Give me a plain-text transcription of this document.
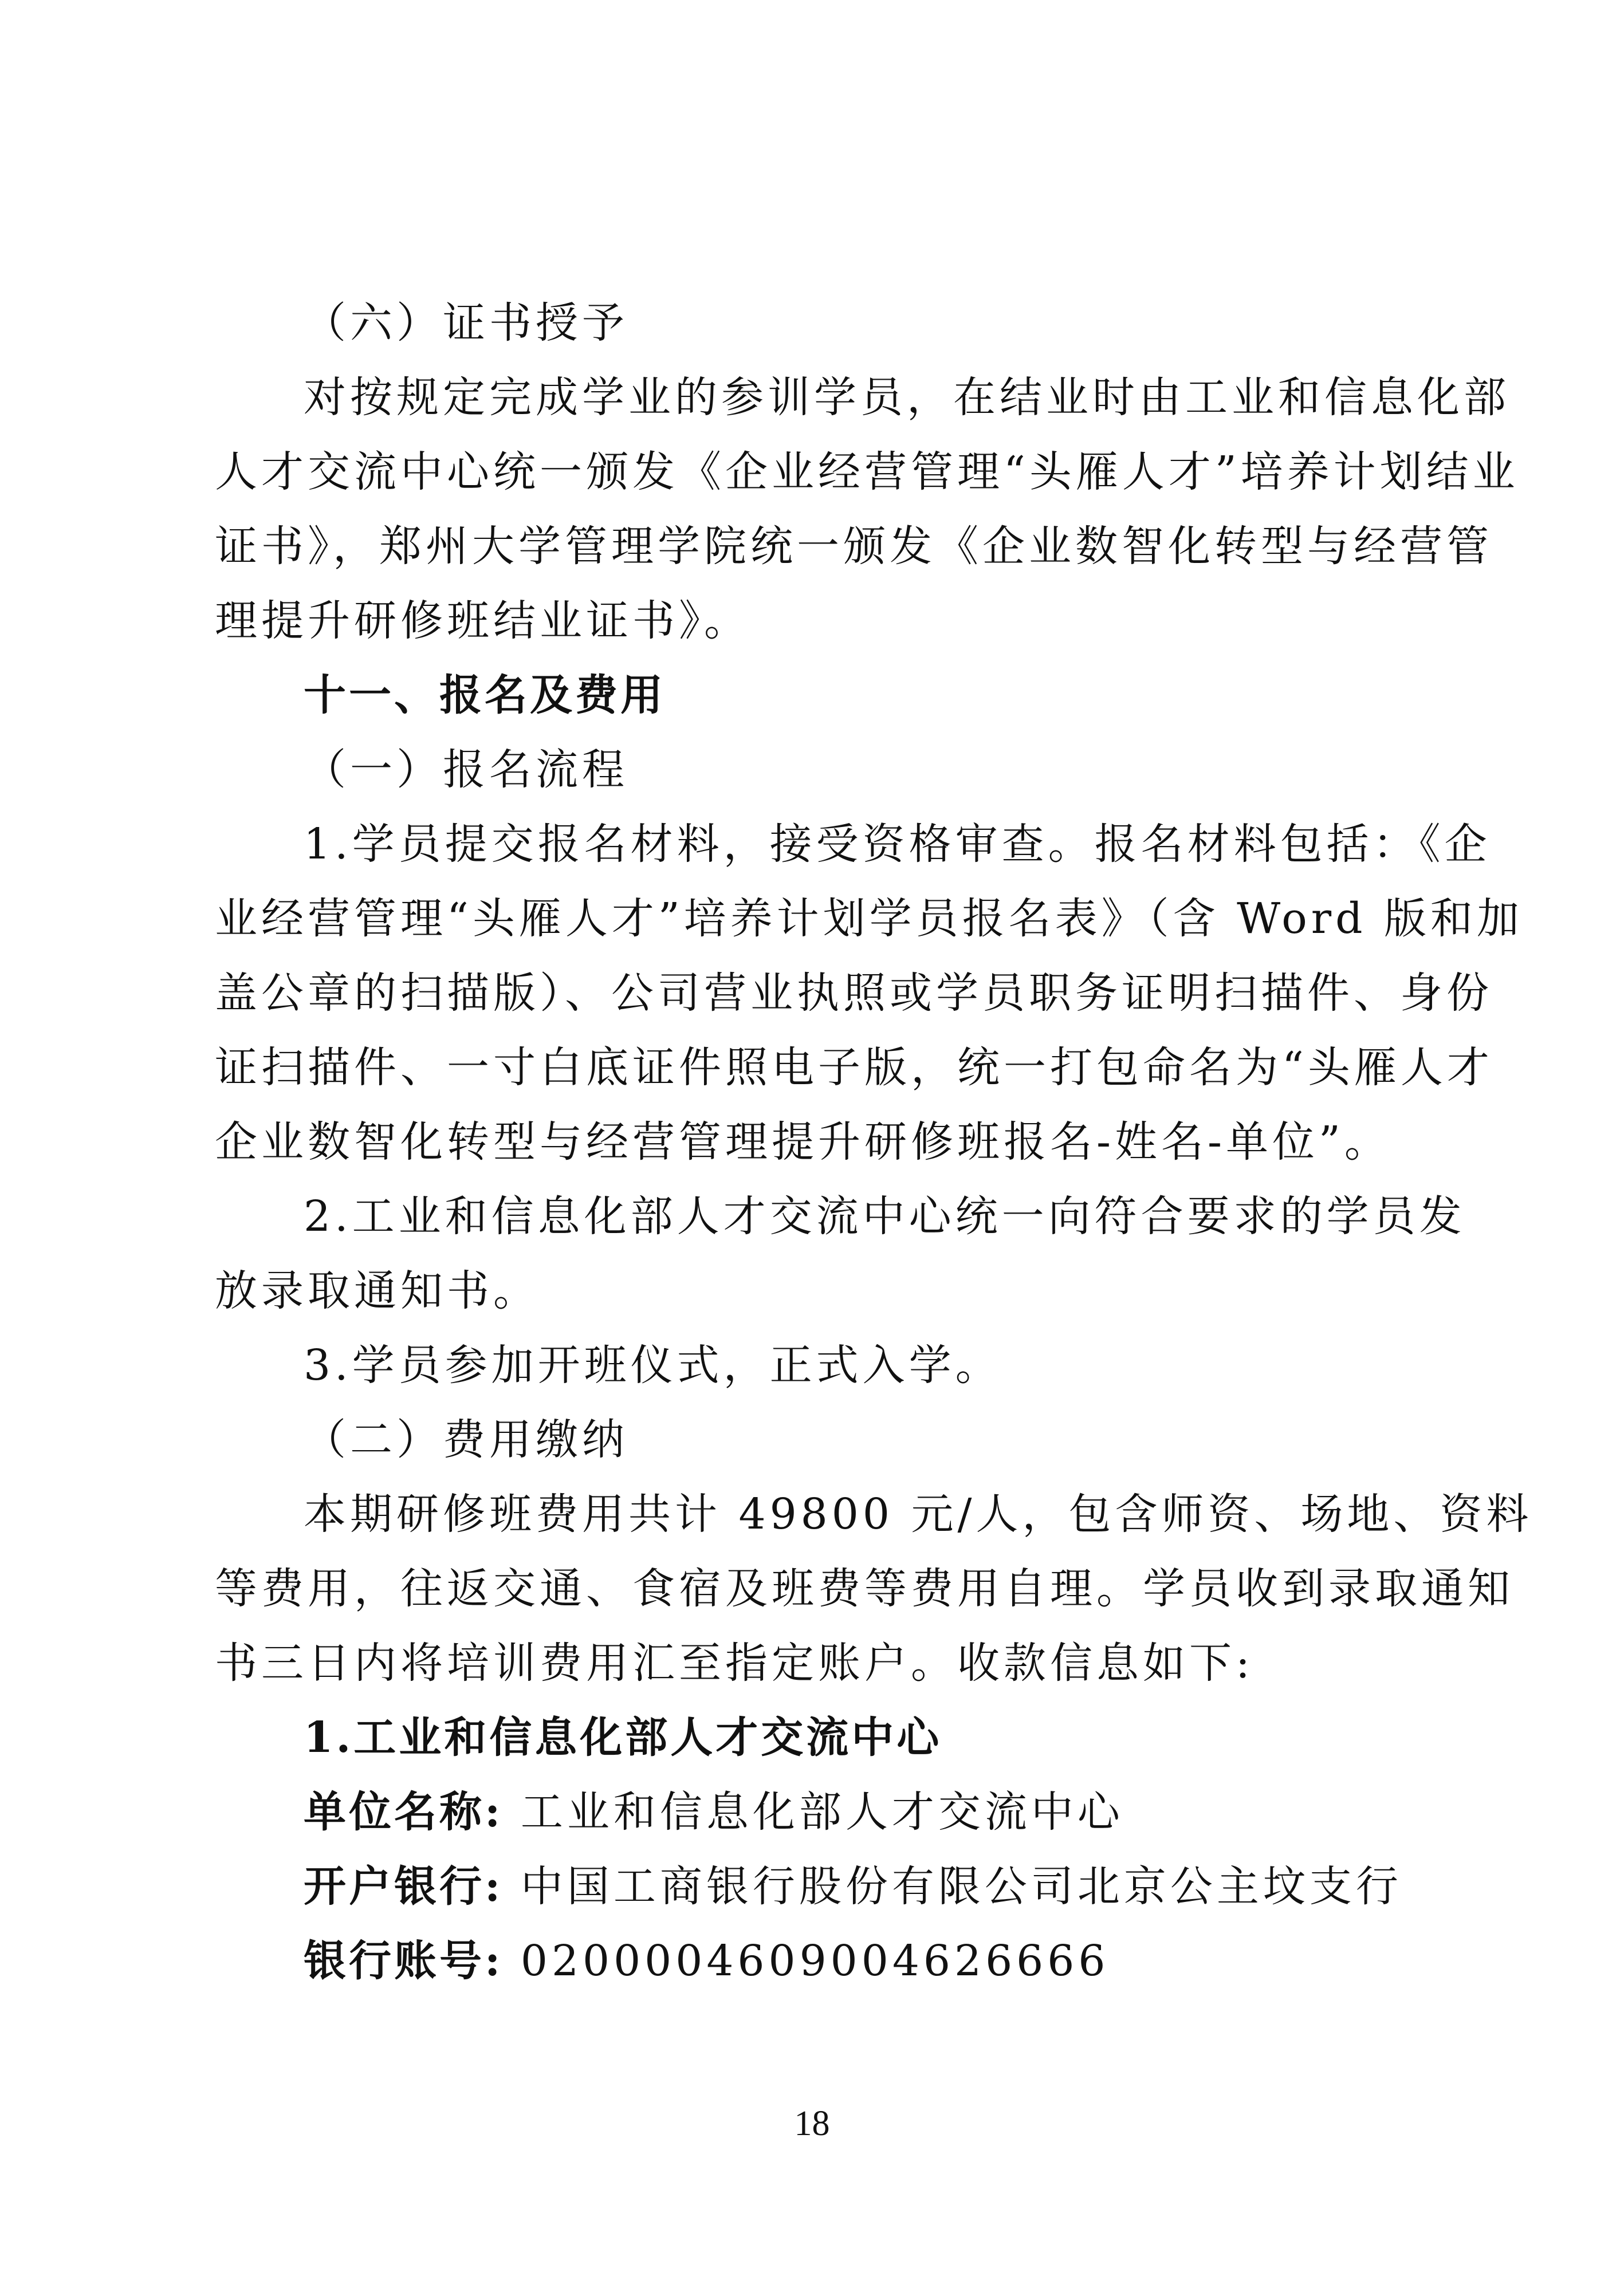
（六）证书授予
对按规定完成学业的参训学员，在结业时由工业和信息化部
人才交流中心统一颁发《企业经营管理“头雁人才”培养计划结业
证书》，郑州大学管理学院统一颁发《企业数智化转型与经营管
理提升研修班结业证书》。
十一、报名及费用
（一）报名流程
1.学员提交报名材料，接受资格审查。报名材料包括：《企
业经营管理“头雁人才”培养计划学员报名表》（含 Word 版和加
盖公章的扫描版）、公司营业执照或学员职务证明扫描件、身份
证扫描件、一寸白底证件照电子版，统一打包命名为“头雁人才
企业数智化转型与经营管理提升研修班报名-姓名-单位”。
2.工业和信息化部人才交流中心统一向符合要求的学员发
放录取通知书。
3.学员参加开班仪式，正式入学。
（二）费用缴纳
本期研修班费用共计 49800 元/人，包含师资、场地、资料
等费用，往返交通、食宿及班费等费用自理。学员收到录取通知
书三日内将培训费用汇至指定账户。收款信息如下:
1.工业和信息化部人才交流中心
单位名称: 工业和信息化部人才交流中心
开户银行: 中国工商银行股份有限公司北京公主坟支行
银行账号: 0200004609004626666
18
